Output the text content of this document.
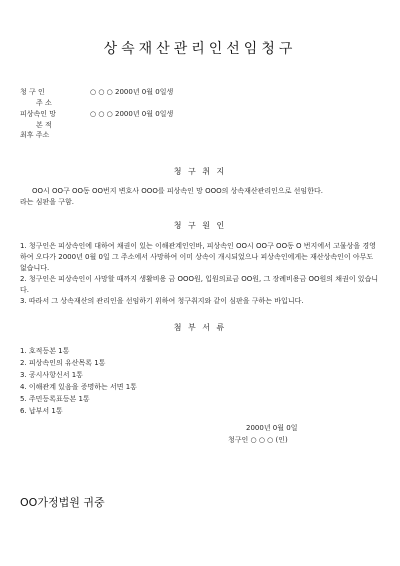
상속재산관리인선임청구
청 구 인	○ ○ ○ 2000년 0월 0일생
주 소
피상속인 망	○ ○ ○ 2000년 0월 0일생
본 적
최후 주소
청 구 취 지

OO시 OO구 OO동 OO번지 변호사 OOO를 피상속인 망 OOO의 상속재산관리인으로 선임한다.

라는 심판을 구함.

청 구 원 인

1. 청구인은 피상속인에 대하여 채권이 있는 이해관계인인바, 피상속인 OO시 OO구 OO동 O 번지에서 고물상을 경영하여 오다가 2000년 0월 0일 그 주소에서 사망하여 이미 상속이 개시되었으나 피상속인에게는 재산상속인이 아무도 없습니다.

2. 청구인은 피상속인이 사망할 때까지 생활비용 금 OOO원, 입원의료금 OO원, 그 장례비용금 OO원의 채권이 있습니다.

3. 따라서 그 상속재산의 관리인을 선임하기 위하여 청구취지와 같이 심판을 구하는 바입니다.

첨 부 서 류
1. 호적등본 1통
2. 피상속인의 유산목록 1통
3. 공시사항신서 1통
4. 이해관계 있음을 증명하는 서면 1통
5. 주민등록표등본 1통
6. 납부서 1통
2000년 0월 0일
청구인 ○ ○ ○ (인)
OO가정법원 귀중
